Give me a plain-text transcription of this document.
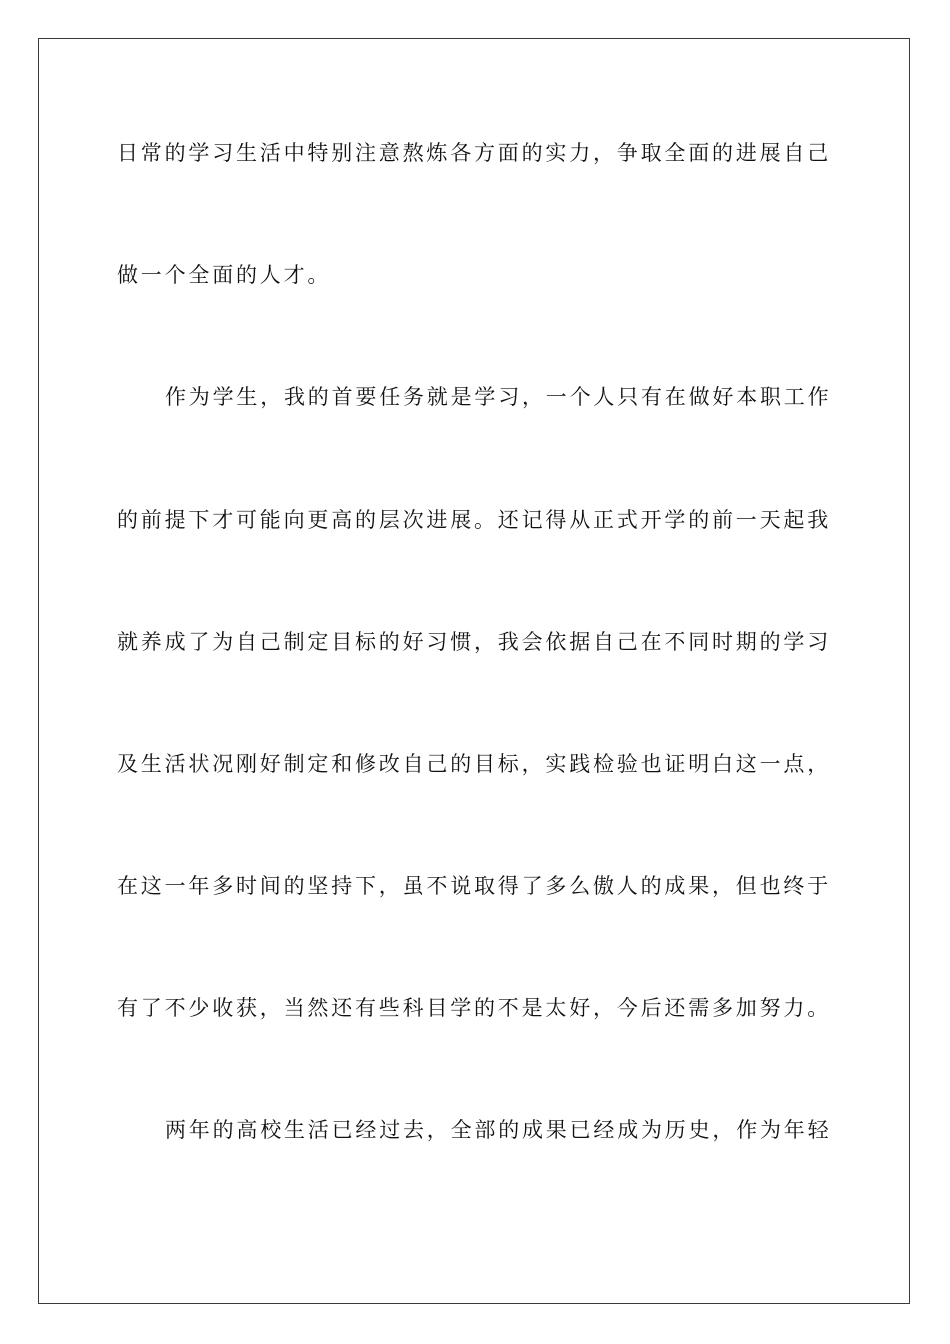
日常的学习生活中特别注意熬炼各方面的实力，争取全面的进展自己
做一个全面的人才。
作为学生，我的首要任务就是学习，一个人只有在做好本职工作
的前提下才可能向更高的层次进展。还记得从正式开学的前一天起我
就养成了为自己制定目标的好习惯，我会依据自己在不同时期的学习
及生活状况刚好制定和修改自己的目标，实践检验也证明白这一点，
在这一年多时间的坚持下，虽不说取得了多么傲人的成果，但也终于
有了不少收获，当然还有些科目学的不是太好，今后还需多加努力。
两年的高校生活已经过去，全部的成果已经成为历史，作为年轻
